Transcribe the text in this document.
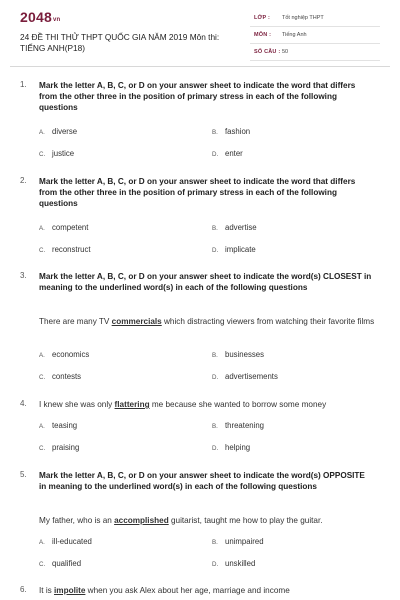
2048vn
24 ĐỀ THI THỬ THPT QUỐC GIA NĂM 2019 Môn thi: TIẾNG ANH(P18)
LỚP : Tốt nghiệp THPT
MÔN : Tiếng Anh
SỐ CÂU : 50
1. Mark the letter A, B, C, or D on your answer sheet to indicate the word that differs from the other three in the position of primary stress in each of the following questions
A. diverse	B. fashion
C. justice	D. enter
2. Mark the letter A, B, C, or D on your answer sheet to indicate the word that differs from the other three in the position of primary stress in each of the following questions
A. competent	B. advertise
C. reconstruct	D. implicate
3. Mark the letter A, B, C, or D on your answer sheet to indicate the word(s) CLOSEST in meaning to the underlined word(s) in each of the following questions
There are many TV commercials which distracting viewers from watching their favorite films
A. economics	B. businesses
C. contests	D. advertisements
4. I knew she was only flattering me because she wanted to borrow some money
A. teasing	B. threatening
C. praising	D. helping
5. Mark the letter A, B, C, or D on your answer sheet to indicate the word(s) OPPOSITE in meaning to the underlined word(s) in each of the following questions
My father, who is an accomplished guitarist, taught me how to play the guitar.
A. ill-educated	B. unimpaired
C. qualified	D. unskilled
6. It is impolite when you ask Alex about her age, marriage and income
